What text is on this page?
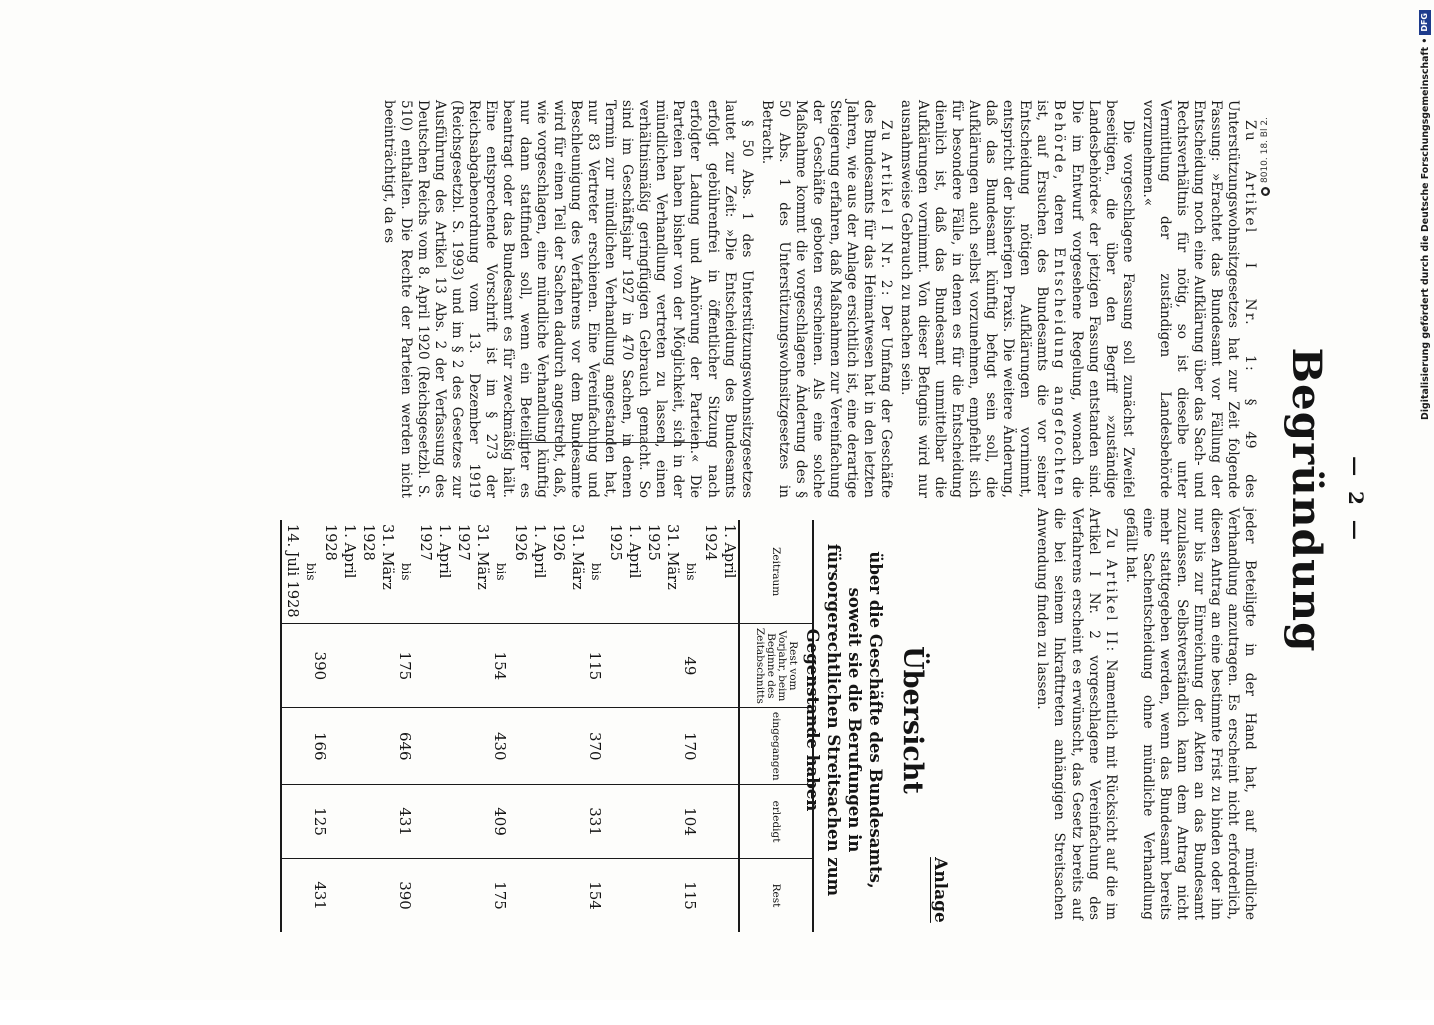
— 2 —
Begründung

Zu Artikel I Nr. 1: § 49 des Unterstützungswohnsitzgesetzes hat zur Zeit folgende Fassung: »Erachtet das Bundesamt vor Fällung der Entscheidung noch eine Aufklärung über das Sach- und Rechtsverhältnis für nötig, so ist dieselbe unter Vermittlung der zuständigen Landesbehörde vorzunehmen.«

Die vorgeschlagene Fassung soll zunächst Zweifel beseitigen, die über den Begriff »zuständige Landesbehörde« der jetzigen Fassung entstanden sind. Die im Entwurf vorgesehene Regelung, wonach die Behörde, deren Entscheidung angefochten ist, auf Ersuchen des Bundesamts die vor seiner Entscheidung nötigen Aufklärungen vornimmt, entspricht der bisherigen Praxis. Die weitere Änderung, daß das Bundesamt künftig befugt sein soll, die Aufklärungen auch selbst vorzunehmen, empfiehlt sich für besondere Fälle, in denen es für die Entscheidung dienlich ist, daß das Bundesamt unmittelbar die Aufklärungen vornimmt. Von dieser Befugnis wird nur ausnahmsweise Gebrauch zu machen sein.

Zu Artikel I Nr. 2: Der Umfang der Geschäfte des Bundesamts für das Heimatwesen hat in den letzten Jahren, wie aus der Anlage ersichtlich ist, eine derartige Steigerung erfahren, daß Maßnahmen zur Vereinfachung der Geschäfte geboten erscheinen. Als eine solche Maßnahme kommt die vorgeschlagene Änderung des § 50 Abs. 1 des Unterstützungswohnsitzgesetzes in Betracht.

§ 50 Abs. 1 des Unterstützungswohnsitzgesetzes lautet zur Zeit: »Die Entscheidung des Bundesamts erfolgt gebührenfrei in öffentlicher Sitzung nach erfolgter Ladung und Anhörung der Parteien.« Die Parteien haben bisher von der Möglichkeit, sich in der mündlichen Verhandlung vertreten zu lassen, einen verhältnismäßig geringfügigen Gebrauch gemacht. So sind im Geschäftsjahr 1927 in 470 Sachen, in denen Termin zur mündlichen Verhandlung angestanden hat, nur 83 Vertreter erschienen. Eine Vereinfachung und Beschleunigung des Verfahrens vor dem Bundesamte wird für einen Teil der Sachen dadurch angestrebt, daß, wie vorgeschlagen, eine mündliche Verhandlung künftig nur dann stattfinden soll, wenn ein Beteiligter es beantragt oder das Bundesamt es für zweckmäßig hält. Eine entsprechende Vorschrift ist im § 273 der Reichsabgabenordnung vom 13. Dezember 1919 (Reichsgesetzbl. S. 1993) und im § 2 des Gesetzes zur Ausführung des Artikel 13 Abs. 2 der Verfassung des Deutschen Reichs vom 8. April 1920 (Reichsgesetzbl. S. 510) enthalten. Die Rechte der Parteien werden nicht beeinträchtigt, da es

jeder Beteiligte in der Hand hat, auf mündliche Verhandlung anzutragen. Es erscheint nicht erforderlich, diesen Antrag an eine bestimmte Frist zu binden oder ihn nur bis zur Einreichung der Akten an das Bundesamt zuzulassen. Selbstverständlich kann dem Antrag nicht mehr stattgegeben werden, wenn das Bundesamt bereits eine Sachentscheidung ohne mündliche Verhandlung gefällt hat.

Zu Artikel II: Namentlich mit Rücksicht auf die im Artikel I Nr. 2 vorgeschlagene Vereinfachung des Verfahrens erscheint es erwünscht, das Gesetz bereits auf die bei seinem Inkrafttreten anhängigen Streitsachen Anwendung finden zu lassen.

Anlage
Übersicht
über die Geschäfte des Bundesamts, soweit sie die Berufungen in fürsorgerechtlichen Streitsachen zum Gegenstande haben
Zeitraum	Rest vom Vorjahr, beim Beginne des Zeitabschnitts	eingegangen	erledigt	Rest

1. April 1924
bis
31. März 1925	49	170	104	115

1. April 1925
bis
31. März 1926	115	370	331	154

1. April 1926
bis
31. März 1927	154	430	409	175

1. April 1927
bis
31. März 1928	175	646	431	390

1. April 1928
bis
14. Juli 1928	390	166	125	431
●
8010. 18. Bl 2.	Digitalisierung gefördert durch die Deutsche Forschungsgemeinschaft •
DFG
